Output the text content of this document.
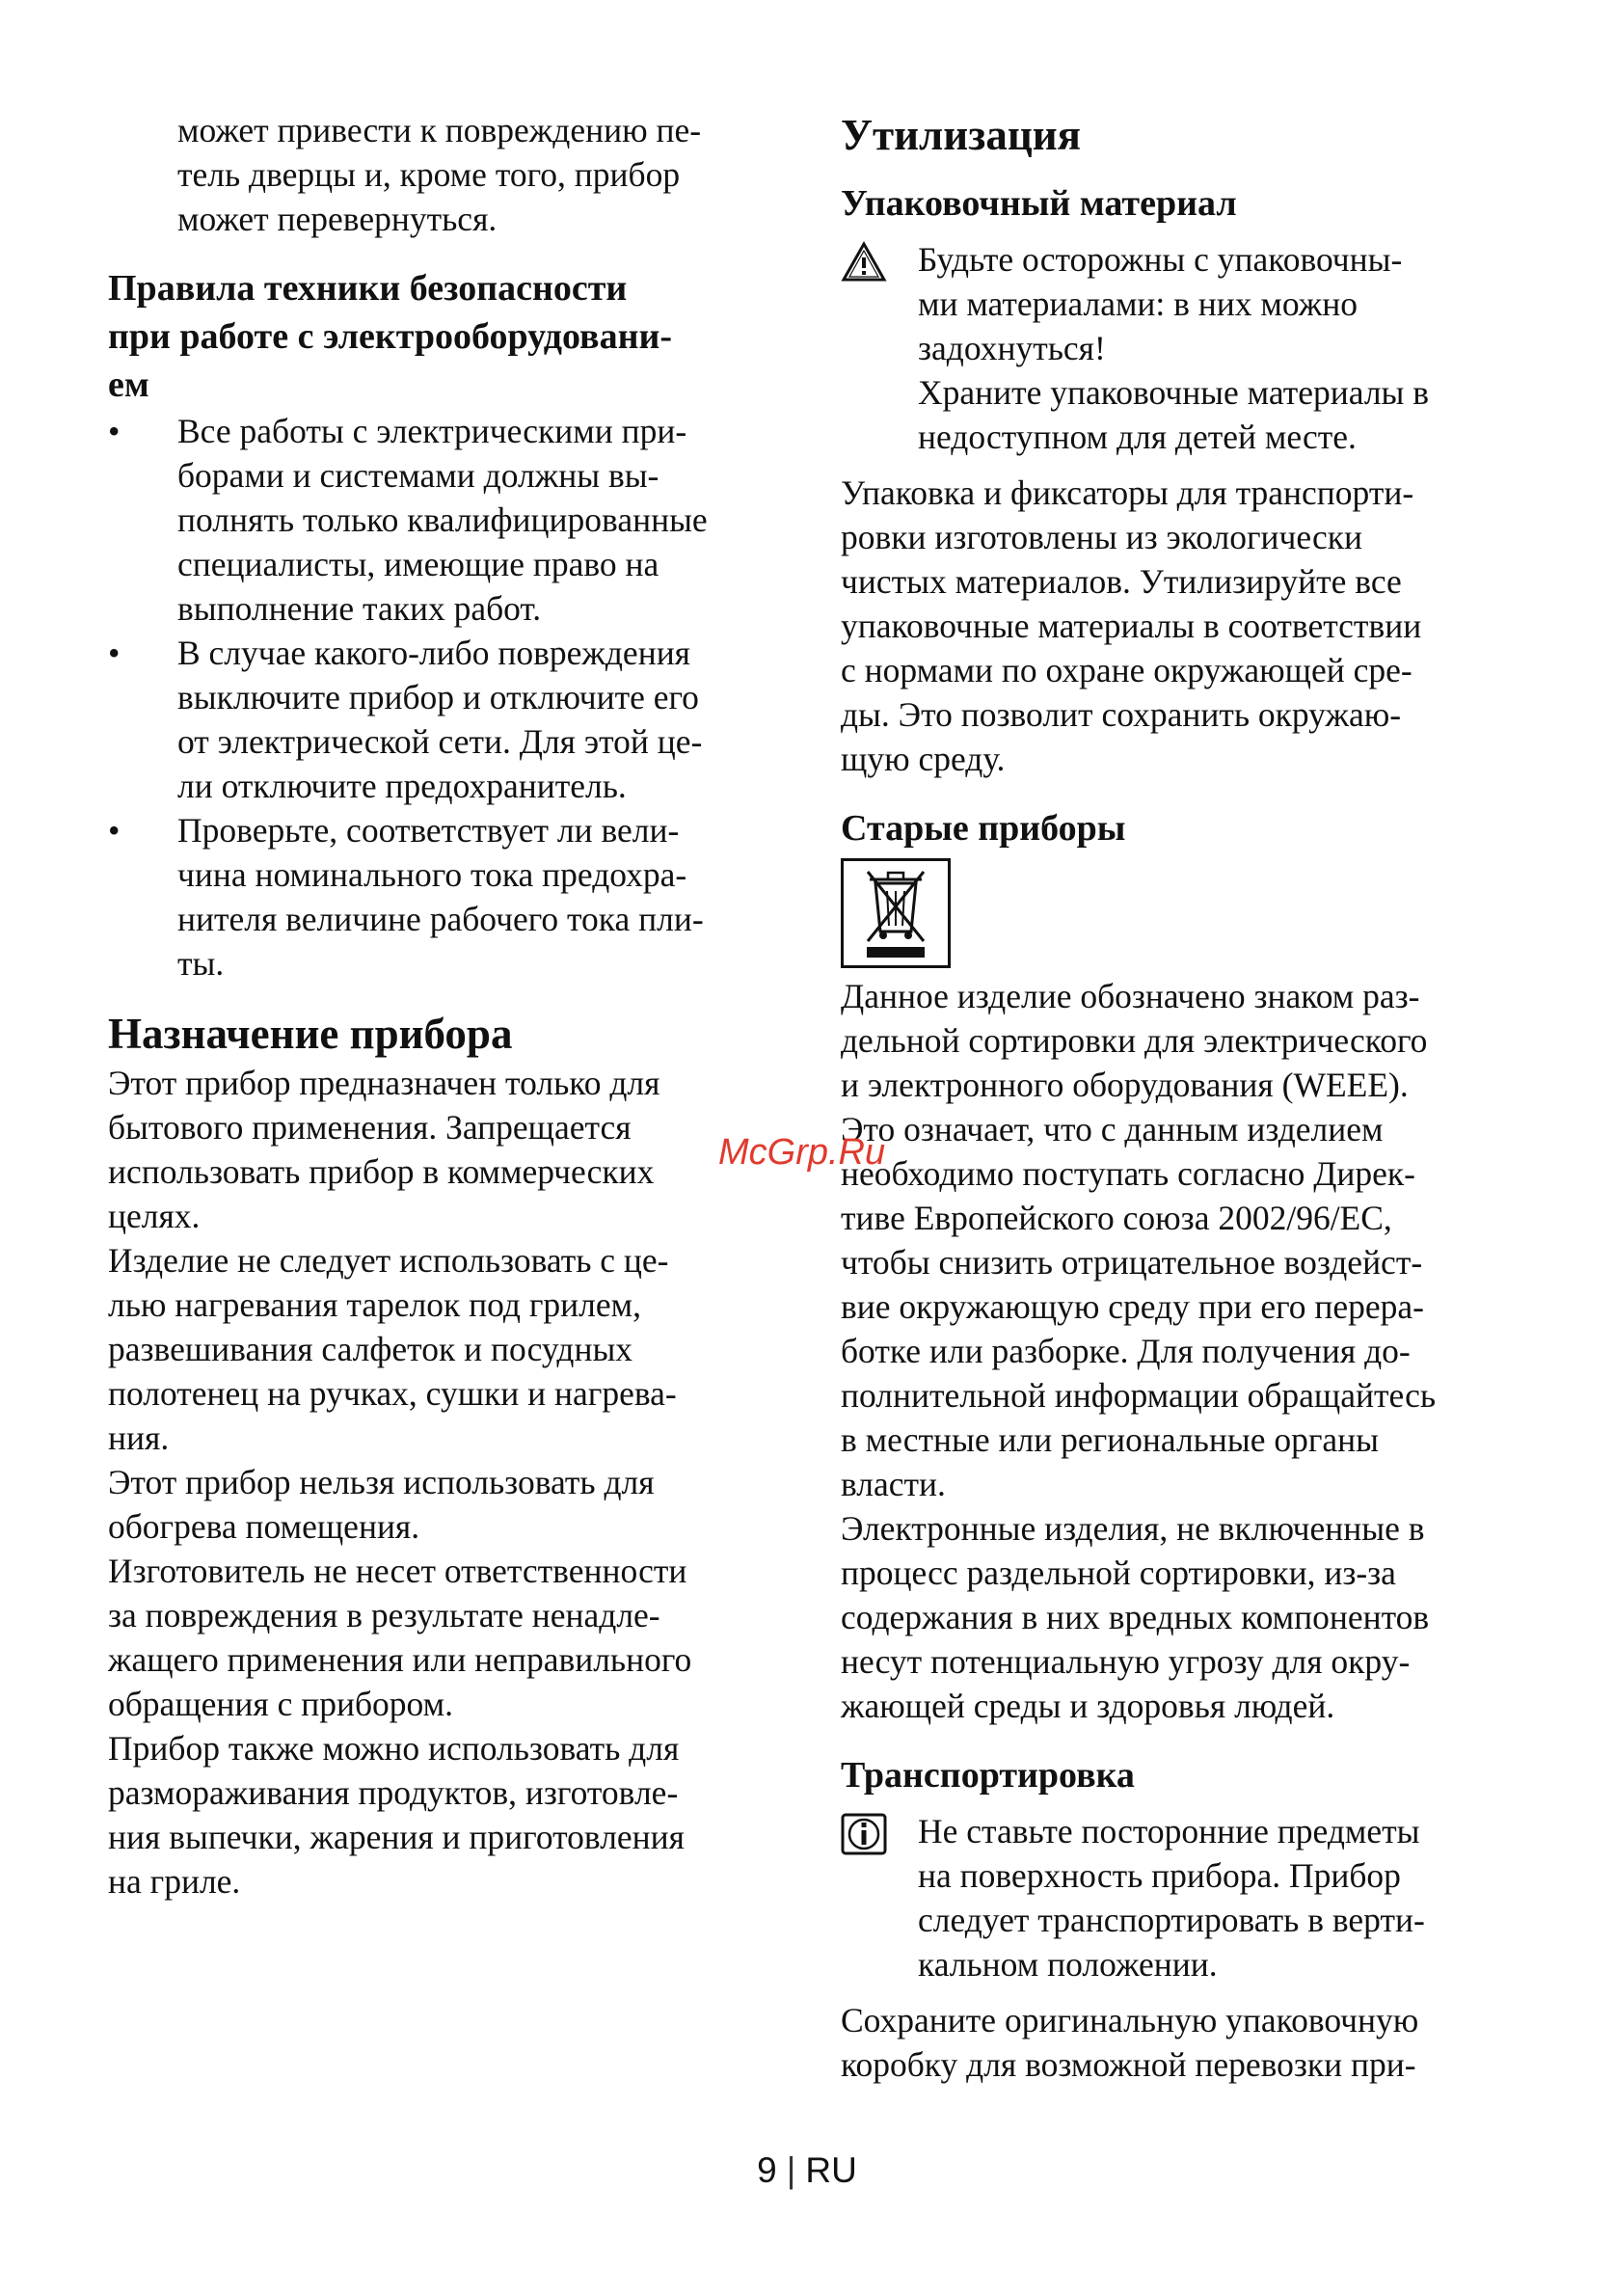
может привести к повреждению пе-
тель дверцы и, кроме того, прибор
может перевернуться.
Правила техники безопасности
при работе с электрооборудовани-
ем
• Все работы с электрическими при-
борами и системами должны вы-
полнять только квалифицированные
специалисты, имеющие право на
выполнение таких работ.
• В случае какого-либо повреждения
выключите прибор и отключите его
от электрической сети. Для этой це-
ли отключите предохранитель.
• Проверьте, соответствует ли вели-
чина номинального тока предохра-
нителя величине рабочего тока пли-
ты.
Назначение прибора
Этот прибор предназначен только для
бытового применения. Запрещается
использовать прибор в коммерческих
целях.
Изделие не следует использовать с це-
лью нагревания тарелок под грилем,
развешивания салфеток и посудных
полотенец на ручках, сушки и нагрева-
ния.
Этот прибор нельзя использовать для
обогрева помещения.
Изготовитель не несет ответственности
за повреждения в результате ненадле-
жащего применения или неправильного
обращения с прибором.
Прибор также можно использовать для
размораживания продуктов, изготовле-
ния выпечки, жарения и приготовления
на гриле.
Утилизация
Упаковочный материал
Будьте осторожны с упаковочны-
ми материалами: в них можно
задохнуться!
Храните упаковочные материалы в
недоступном для детей месте.
Упаковка и фиксаторы для транспорти-
ровки изготовлены из экологически
чистых материалов. Утилизируйте все
упаковочные материалы в соответствии
с нормами по охране окружающей сре-
ды. Это позволит сохранить окружаю-
щую среду.
Старые приборы
Данное изделие обозначено знаком раз-
дельной сортировки для электрического
и электронного оборудования (WEEE).
Это означает, что с данным изделием
необходимо поступать согласно Дирек-
тиве Европейского союза 2002/96/EC,
чтобы снизить отрицательное воздейст-
вие окружающую среду при его перера-
ботке или разборке. Для получения до-
полнительной информации обращайтесь
в местные или региональные органы
власти.
Электронные изделия, не включенные в
процесс раздельной сортировки, из-за
содержания в них вредных компонентов
несут потенциальную угрозу для окру-
жающей среды и здоровья людей.
Транспортировка
Не ставьте посторонние предметы
на поверхность прибора. Прибор
следует транспортировать в верти-
кальном положении.
Сохраните оригинальную упаковочную
коробку для возможной перевозки при-
McGrp.Ru
9 | RU
